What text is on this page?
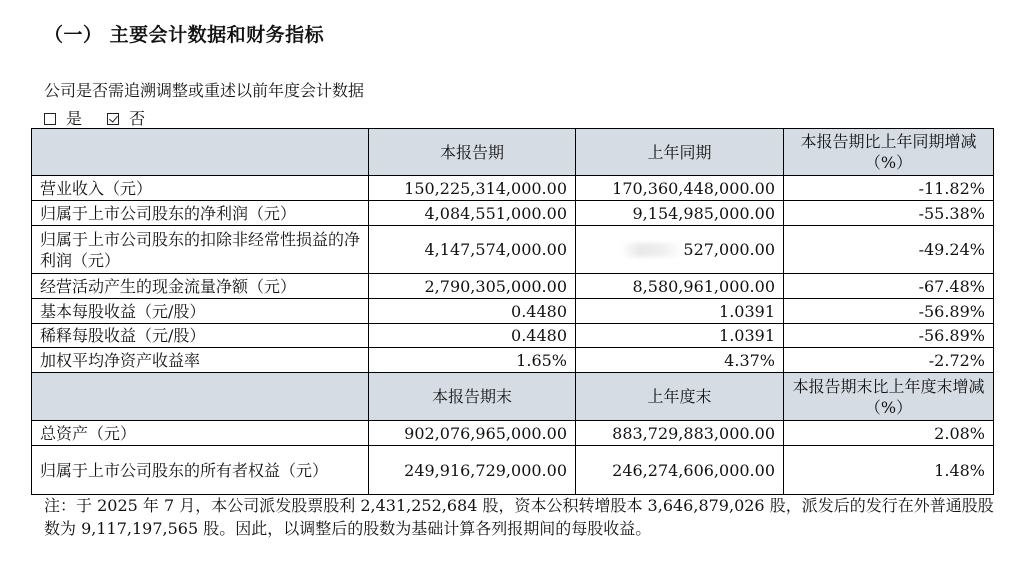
（一） 主要会计数据和财务指标
公司是否需追溯调整或重述以前年度会计数据
是	否
	本报告期	上年同期	本报告期比上年同期增减（%）
营业收入（元）	150,225,314,000.00	170,360,448,000.00	-11.82%
归属于上市公司股东的净利润（元）	4,084,551,000.00	9,154,985,000.00	-55.38%
归属于上市公司股东的扣除非经常性损益的净利润（元）	4,147,574,000.00	527,000.00	-49.24%
经营活动产生的现金流量净额（元）	2,790,305,000.00	8,580,961,000.00	-67.48%
基本每股收益（元/股）	0.4480	1.0391	-56.89%
稀释每股收益（元/股）	0.4480	1.0391	-56.89%
加权平均净资产收益率	1.65%	4.37%	-2.72%
	本报告期末	上年度末	本报告期末比上年度末增减（%）
总资产（元）	902,076,965,000.00	883,729,883,000.00	2.08%
归属于上市公司股东的所有者权益（元）	249,916,729,000.00	246,274,606,000.00	1.48%
注：于 2025 年 7 月，本公司派发股票股利 2,431,252,684 股，资本公积转增股本 3,646,879,026 股，派发后的发行在外普通股股数为 9,117,197,565 股。因此，以调整后的股数为基础计算各列报期间的每股收益。
